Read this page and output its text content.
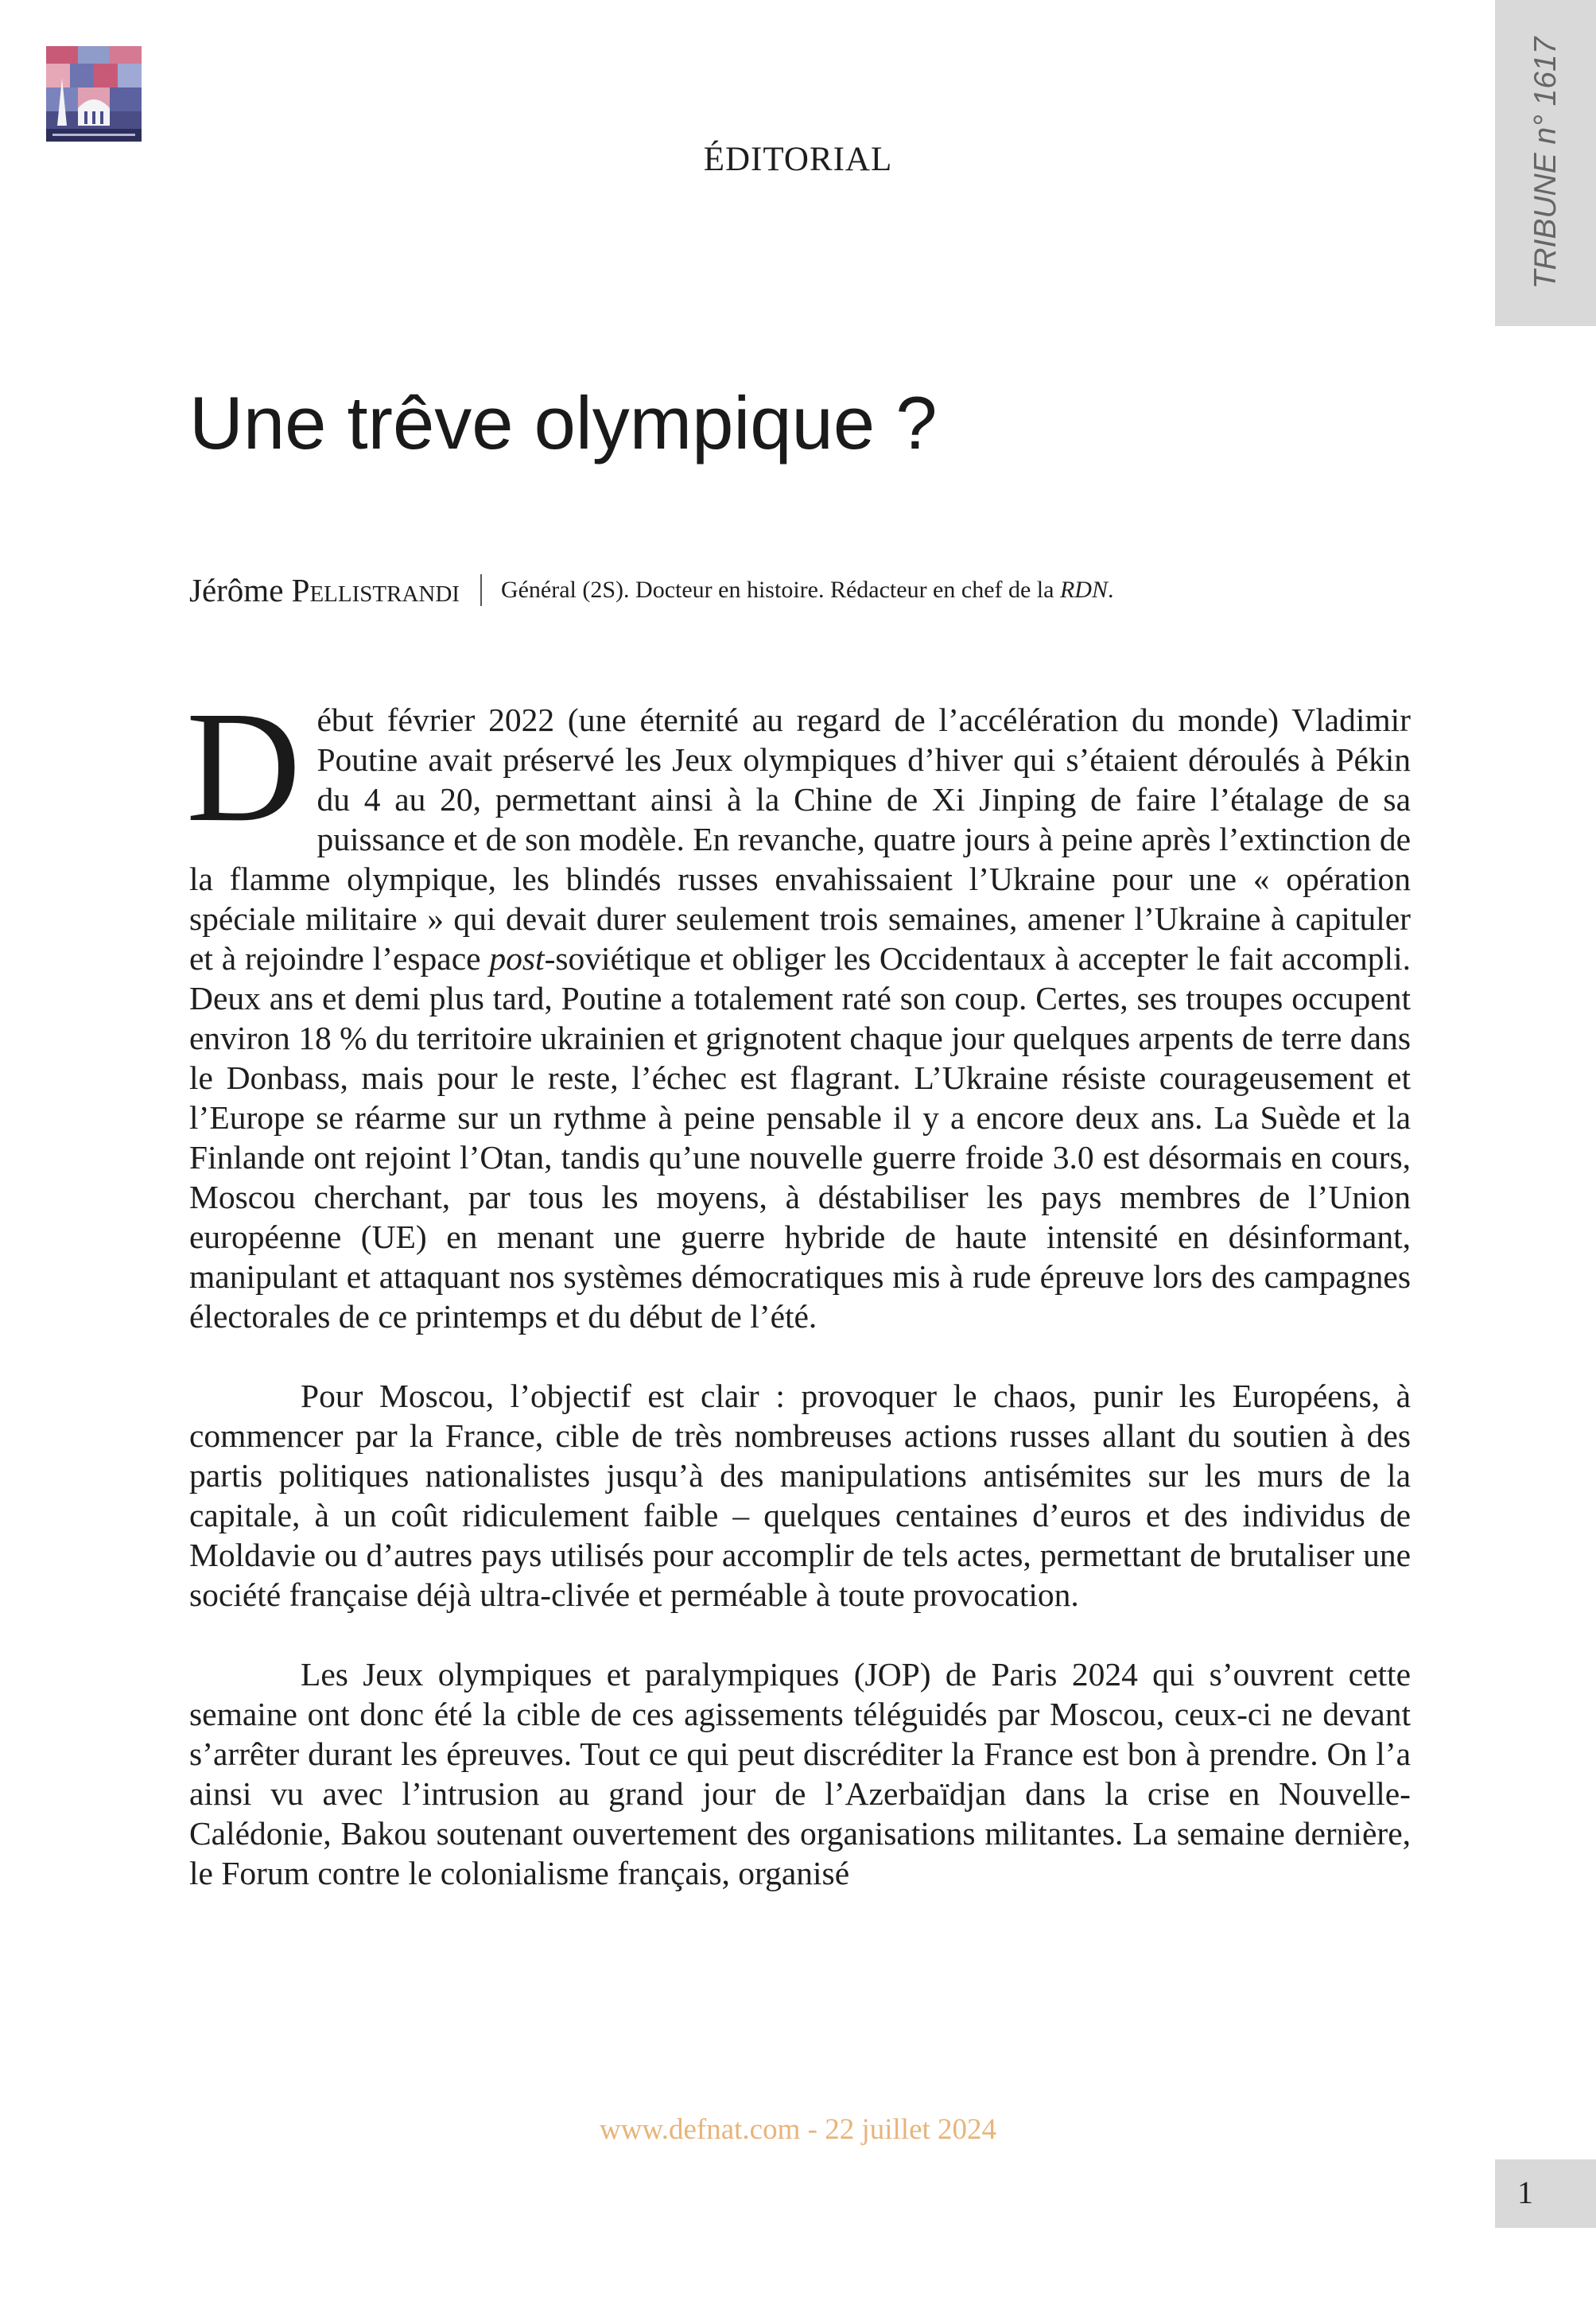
ÉDITORIAL	TRIBUNE n° 1617
Une trêve olympique ?
Jérôme Pellistrandi Général (2S). Docteur en histoire. Rédacteur en chef de la RDN.

Début février 2022 (une éternité au regard de l’accélération du monde) Vladimir Poutine avait préservé les Jeux olympiques d’hiver qui s’étaient déroulés à Pékin du 4 au 20, permettant ainsi à la Chine de Xi Jinping de faire l’étalage de sa puissance et de son modèle. En revanche, quatre jours à peine après l’extinction de la flamme olympique, les blindés russes envahissaient l’Ukraine pour une « opération spéciale militaire » qui devait durer seulement trois semaines, amener l’Ukraine à capituler et à rejoindre l’espace post-soviétique et obliger les Occidentaux à accepter le fait accompli. Deux ans et demi plus tard, Poutine a totalement raté son coup. Certes, ses troupes occupent environ 18 % du territoire ukrainien et grignotent chaque jour quelques arpents de terre dans le Donbass, mais pour le reste, l’échec est flagrant. L’Ukraine résiste courageusement et l’Europe se réarme sur un rythme à peine pensable il y a encore deux ans. La Suède et la Finlande ont rejoint l’Otan, tandis qu’une nouvelle guerre froide 3.0 est désormais en cours, Moscou cherchant, par tous les moyens, à déstabiliser les pays membres de l’Union européenne (UE) en menant une guerre hybride de haute intensité en désinformant, manipulant et attaquant nos systèmes démocratiques mis à rude épreuve lors des campagnes électorales de ce printemps et du début de l’été.

Pour Moscou, l’objectif est clair : provoquer le chaos, punir les Européens, à commencer par la France, cible de très nombreuses actions russes allant du soutien à des partis politiques nationalistes jusqu’à des manipulations antisémites sur les murs de la capitale, à un coût ridiculement faible – quelques centaines d’euros et des individus de Moldavie ou d’autres pays utilisés pour accomplir de tels actes, permettant de brutaliser une société française déjà ultra-clivée et perméable à toute provocation.

Les Jeux olympiques et paralympiques (JOP) de Paris 2024 qui s’ouvrent cette semaine ont donc été la cible de ces agissements téléguidés par Moscou, ceux-ci ne devant s’arrêter durant les épreuves. Tout ce qui peut discréditer la France est bon à prendre. On l’a ainsi vu avec l’intrusion au grand jour de l’Azerbaïdjan dans la crise en Nouvelle-Calédonie, Bakou soutenant ouvertement des organisations militantes. La semaine dernière, le Forum contre le colonialisme français, organisé

www.defnat.com - 22 juillet 2024
1
